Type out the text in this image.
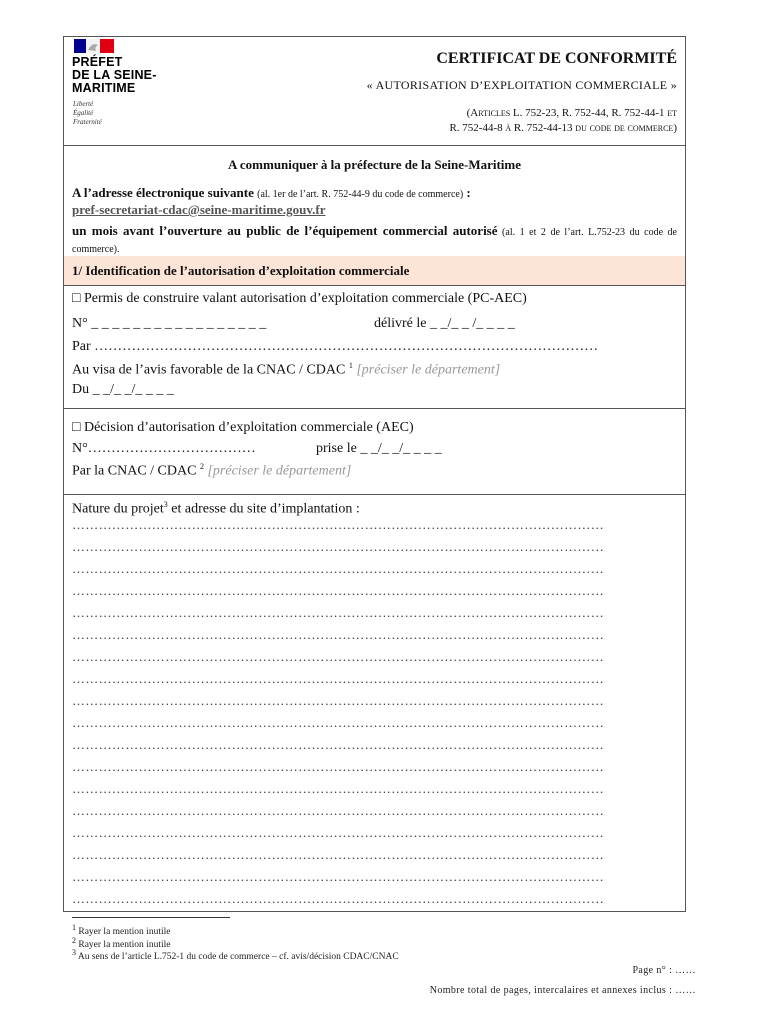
PRÉFET
DE LA SEINE-
MARITIME
Liberté
Égalité
Fraternité
CERTIFICAT DE CONFORMITÉ
« AUTORISATION D’EXPLOITATION COMMERCIALE »
(Articles L. 752-23, R. 752-44, R. 752-44-1 et
R. 752-44-8 à R. 752-44-13 du code de commerce)
A communiquer à la préfecture de la Seine-Maritime
A l’adresse électronique suivante (al. 1er de l’art. R. 752-44-9 du code de commerce) :
pref-secretariat-cdac@seine-maritime.gouv.fr
un mois avant l’ouverture au public de l’équipement commercial autorisé (al. 1 et 2 de l’art. L.752-23 du code de commerce).
1/ Identification de l’autorisation d’exploitation commerciale
□ Permis de construire valant autorisation d’exploitation commerciale (PC-AEC)
N° _ _ _ _ _ _ _ _ _ _ _ _ _ _ _ _ _	délivré le _ _/_ _ /_ _ _ _
Par ………………………………………………………………………………………………
Au visa de l’avis favorable de la CNAC / CDAC $^1$ [préciser le département]
Du _ _/_ _/_ _ _ _
□ Décision d’autorisation d’exploitation commerciale (AEC)
N°………………………………	prise le _ _/_ _/_ _ _ _
Par la CNAC / CDAC $^2$ [préciser le département]
Nature du projet$^3$ et adresse du site d’implantation :
…………………………………………………………………………………………………………
…………………………………………………………………………………………………………
…………………………………………………………………………………………………………
…………………………………………………………………………………………………………
…………………………………………………………………………………………………………
…………………………………………………………………………………………………………
…………………………………………………………………………………………………………
…………………………………………………………………………………………………………
…………………………………………………………………………………………………………
…………………………………………………………………………………………………………
…………………………………………………………………………………………………………
…………………………………………………………………………………………………………
…………………………………………………………………………………………………………
…………………………………………………………………………………………………………
…………………………………………………………………………………………………………
…………………………………………………………………………………………………………
…………………………………………………………………………………………………………
…………………………………………………………………………………………………………
$^1$ Rayer la mention inutile
$^2$ Rayer la mention inutile
$^3$ Au sens de l’article L.752-1 du code de commerce – cf. avis/décision CDAC/CNAC
Page n° : ……
Nombre total de pages, intercalaires et annexes inclus : ……
